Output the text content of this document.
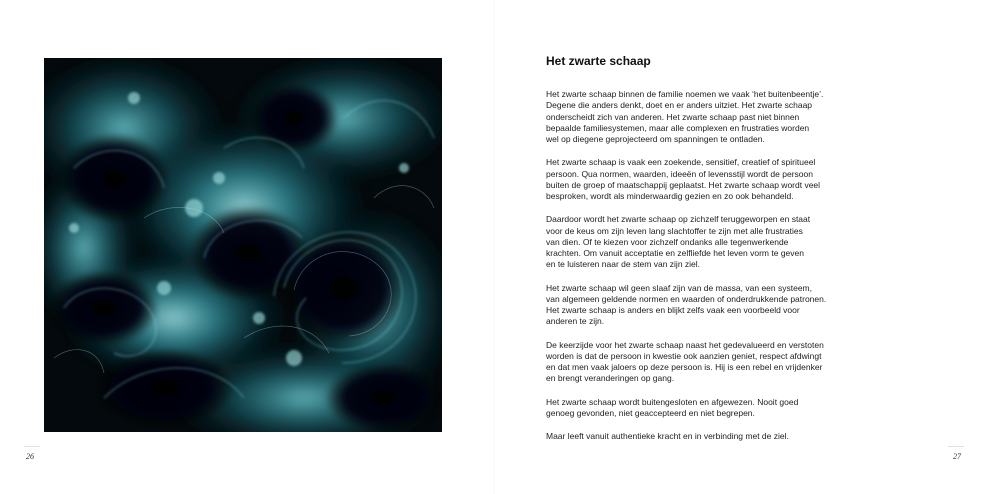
Het zwarte schaap

Het zwarte schaap binnen de familie noemen we vaak ‘het buitenbeentje’.
Degene die anders denkt, doet en er anders uitziet. Het zwarte schaap
onderscheidt zich van anderen. Het zwarte schaap past niet binnen
bepaalde familiesystemen, maar alle complexen en frustraties worden
wel op diegene geprojecteerd om spanningen te ontladen.

Het zwarte schaap is vaak een zoekende, sensitief, creatief of spiritueel
persoon. Qua normen, waarden, ideeën of levensstijl wordt de persoon
buiten de groep of maatschappij geplaatst. Het zwarte schaap wordt veel
besproken, wordt als minderwaardig gezien en zo ook behandeld.

Daardoor wordt het zwarte schaap op zichzelf teruggeworpen en staat
voor de keus om zijn leven lang slachtoffer te zijn met alle frustraties
van dien. Of te kiezen voor zichzelf ondanks alle tegenwerkende
krachten. Om vanuit acceptatie en zelfliefde het leven vorm te geven
en te luisteren naar de stem van zijn ziel.

Het zwarte schaap wil geen slaaf zijn van de massa, van een systeem,
van algemeen geldende normen en waarden of onderdrukkende patronen.
Het zwarte schaap is anders en blijkt zelfs vaak een voorbeeld voor
anderen te zijn.

De keerzijde voor het zwarte schaap naast het gedevalueerd en verstoten
worden is dat de persoon in kwestie ook aanzien geniet, respect afdwingt
en dat men vaak jaloers op deze persoon is. Hij is een rebel en vrijdenker
en brengt veranderingen op gang.

Het zwarte schaap wordt buitengesloten en afgewezen. Nooit goed
genoeg gevonden, niet geaccepteerd en niet begrepen.

Maar leeft vanuit authentieke kracht en in verbinding met de ziel.

26	27
